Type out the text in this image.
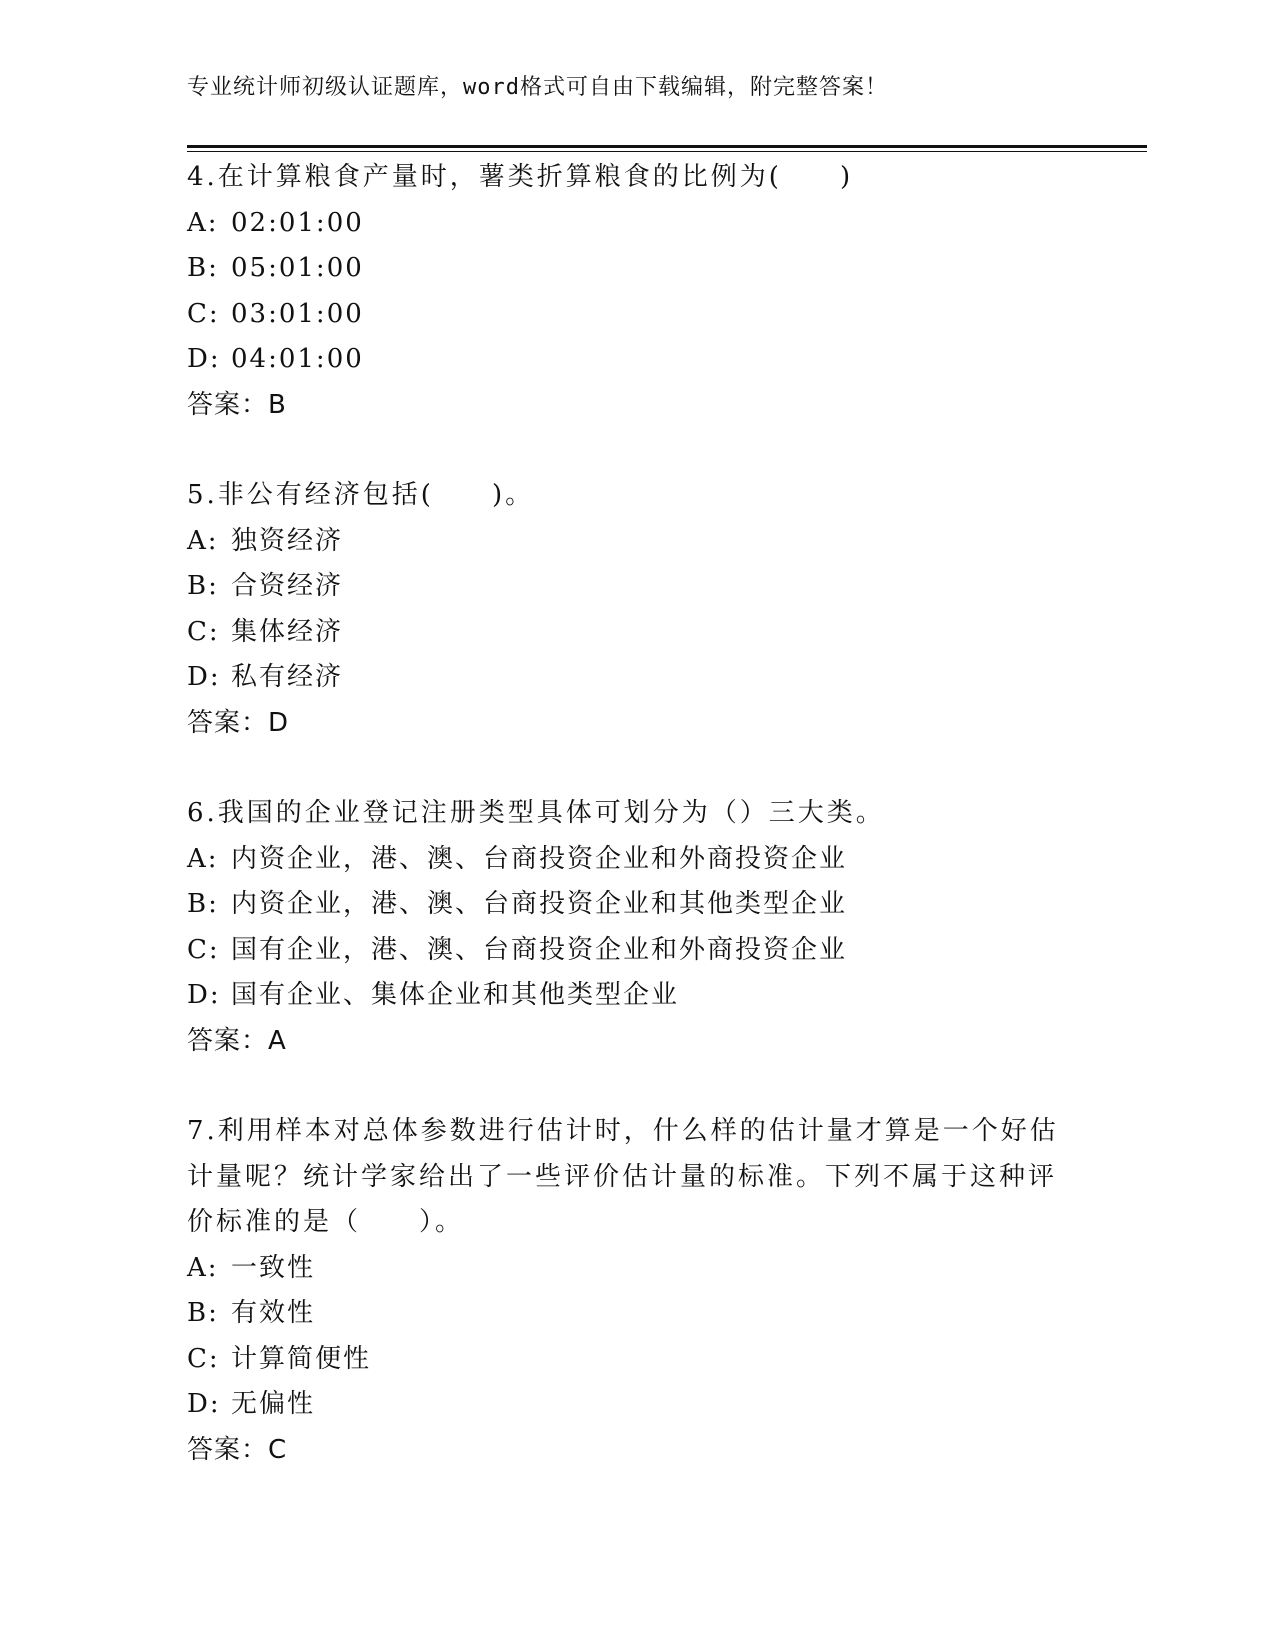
专业统计师初级认证题库，word格式可自由下载编辑，附完整答案！
4.在计算粮食产量时，薯类折算粮食的比例为(　　)
A: 02:01:00
B: 05:01:00
C: 03:01:00
D: 04:01:00
答案：B
5.非公有经济包括(　　)。
A: 独资经济
B: 合资经济
C: 集体经济
D: 私有经济
答案：D
6.我国的企业登记注册类型具体可划分为（）三大类。
A: 内资企业，港、澳、台商投资企业和外商投资企业
B: 内资企业，港、澳、台商投资企业和其他类型企业
C: 国有企业，港、澳、台商投资企业和外商投资企业
D: 国有企业、集体企业和其他类型企业
答案：A
7.利用样本对总体参数进行估计时，什么样的估计量才算是一个好估计量呢？统计学家给出了一些评价估计量的标准。下列不属于这种评价标准的是（　　）。
A: 一致性
B: 有效性
C: 计算简便性
D: 无偏性
答案：C
